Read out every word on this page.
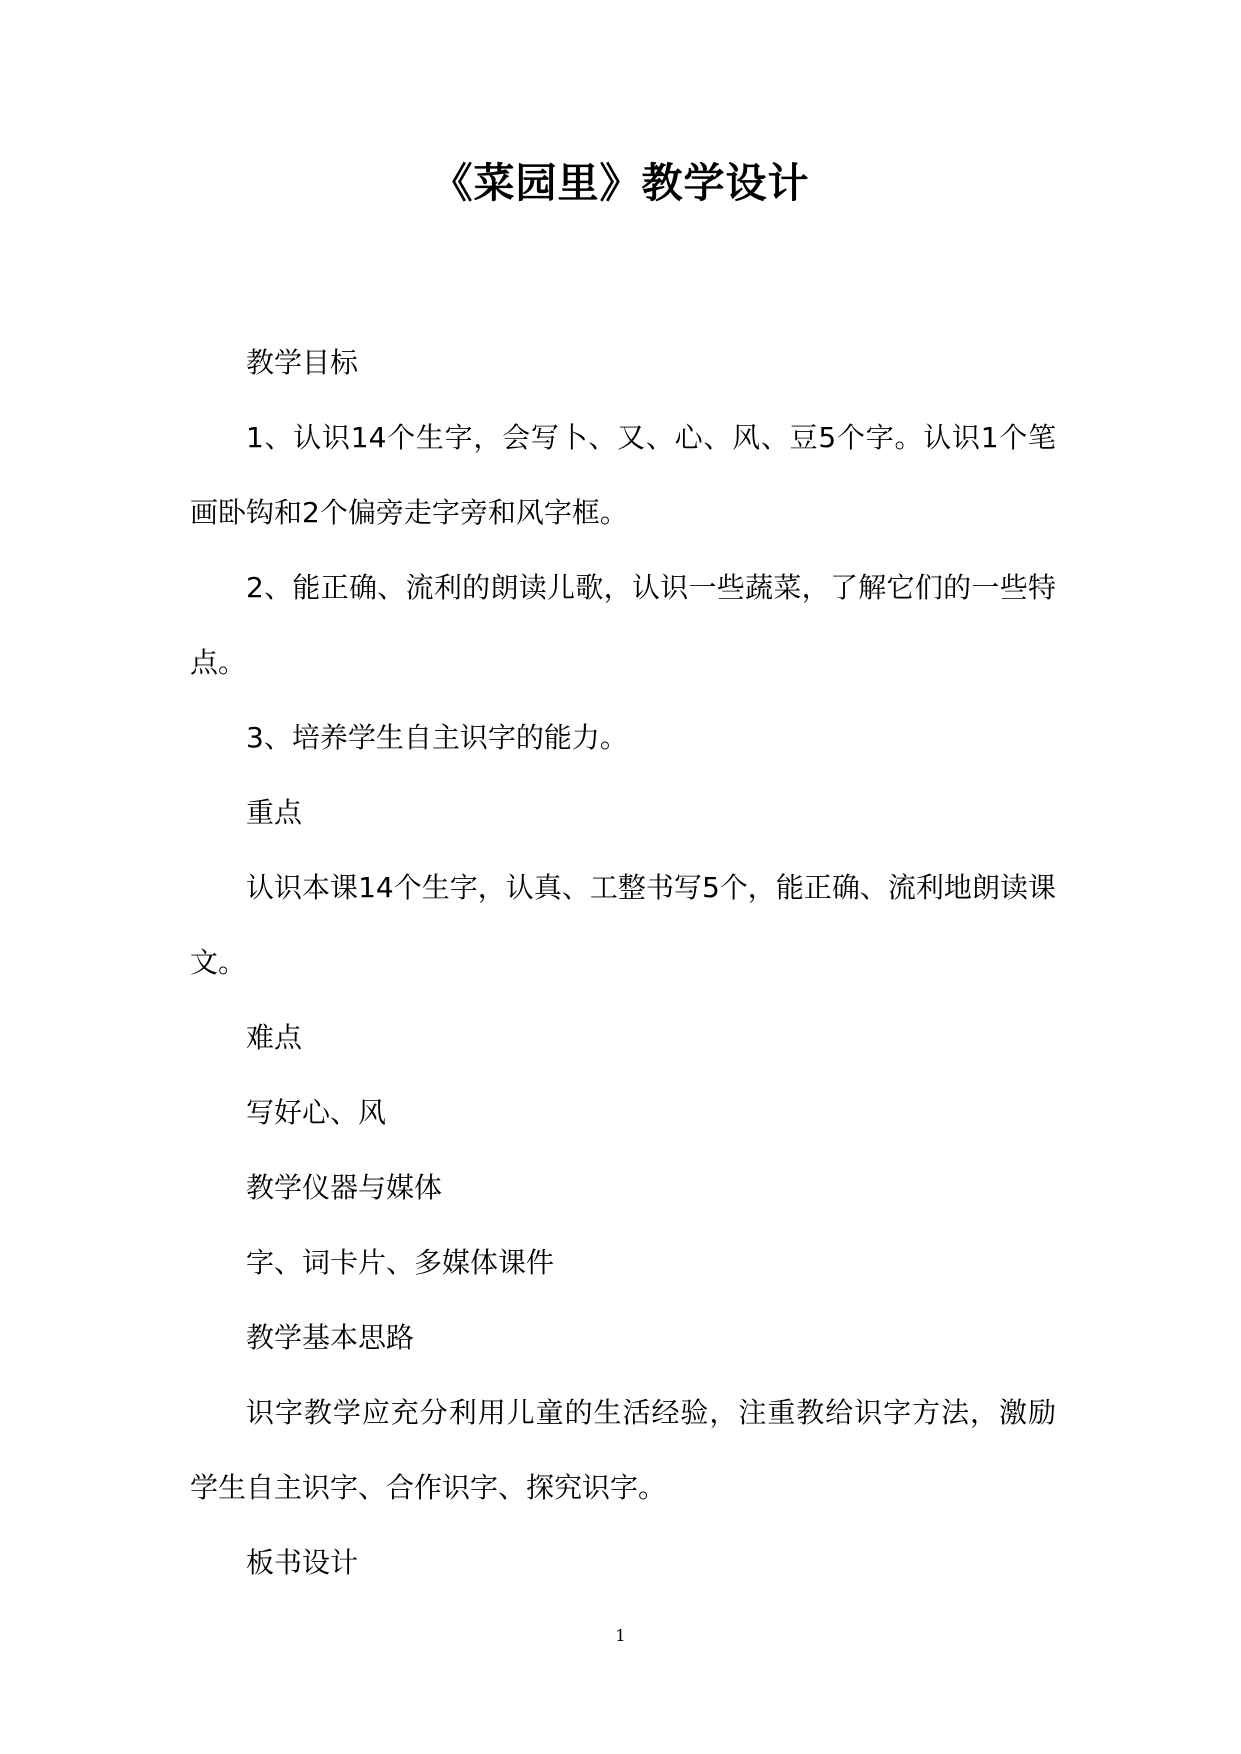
《菜园里》教学设计

教学目标

1、认识14个生字，会写卜、又、心、风、豆5个字。认识1个笔画卧钩和2个偏旁走字旁和风字框。

2、能正确、流利的朗读儿歌，认识一些蔬菜，了解它们的一些特点。

3、培养学生自主识字的能力。

重点

认识本课14个生字，认真、工整书写5个，能正确、流利地朗读课文。

难点

写好心、风

教学仪器与媒体

字、词卡片、多媒体课件

教学基本思路

识字教学应充分利用儿童的生活经验，注重教给识字方法，激励学生自主识字、合作识字、探究识字。

板书设计

1
